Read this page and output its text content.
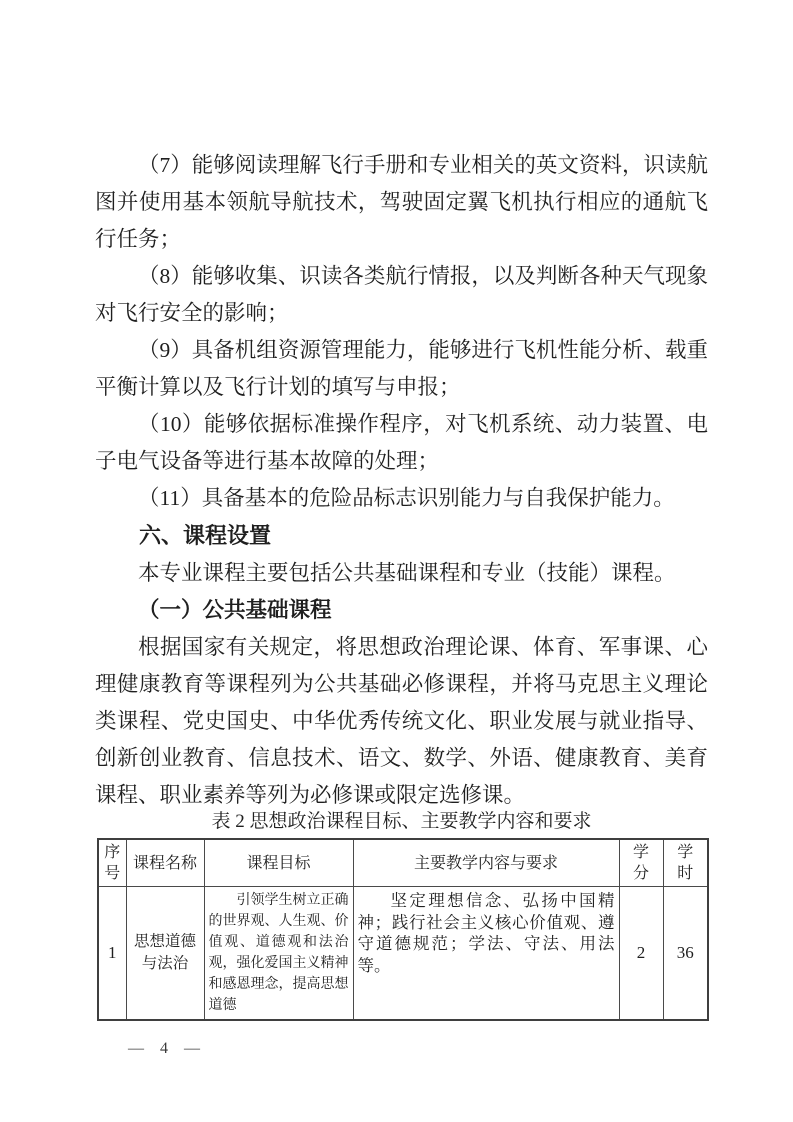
（7）能够阅读理解飞行手册和专业相关的英文资料，识读航图并使用基本领航导航技术，驾驶固定翼飞机执行相应的通航飞行任务；

（8）能够收集、识读各类航行情报，以及判断各种天气现象对飞行安全的影响；

（9）具备机组资源管理能力，能够进行飞机性能分析、载重平衡计算以及飞行计划的填写与申报；

（10）能够依据标准操作程序，对飞机系统、动力装置、电子电气设备等进行基本故障的处理；

（11）具备基本的危险品标志识别能力与自我保护能力。

六、课程设置

本专业课程主要包括公共基础课程和专业（技能）课程。

（一）公共基础课程

根据国家有关规定，将思想政治理论课、体育、军事课、心理健康教育等课程列为公共基础必修课程，并将马克思主义理论类课程、党史国史、中华优秀传统文化、职业发展与就业指导、创新创业教育、信息技术、语文、数学、外语、健康教育、美育课程、职业素养等列为必修课或限定选修课。

表 2 思想政治课程目标、主要教学内容和要求

序号	课程名称	课程目标	主要教学内容与要求	学分	学时
1	思想道德与法治	引领学生树立正确的世界观、人生观、价值观、道德观和法治观，强化爱国主义精神和感恩理念，提高思想道德	坚定理想信念、弘扬中国精神；践行社会主义核心价值观、遵守道德规范；学法、守法、用法等。	2	36
— 4 —
